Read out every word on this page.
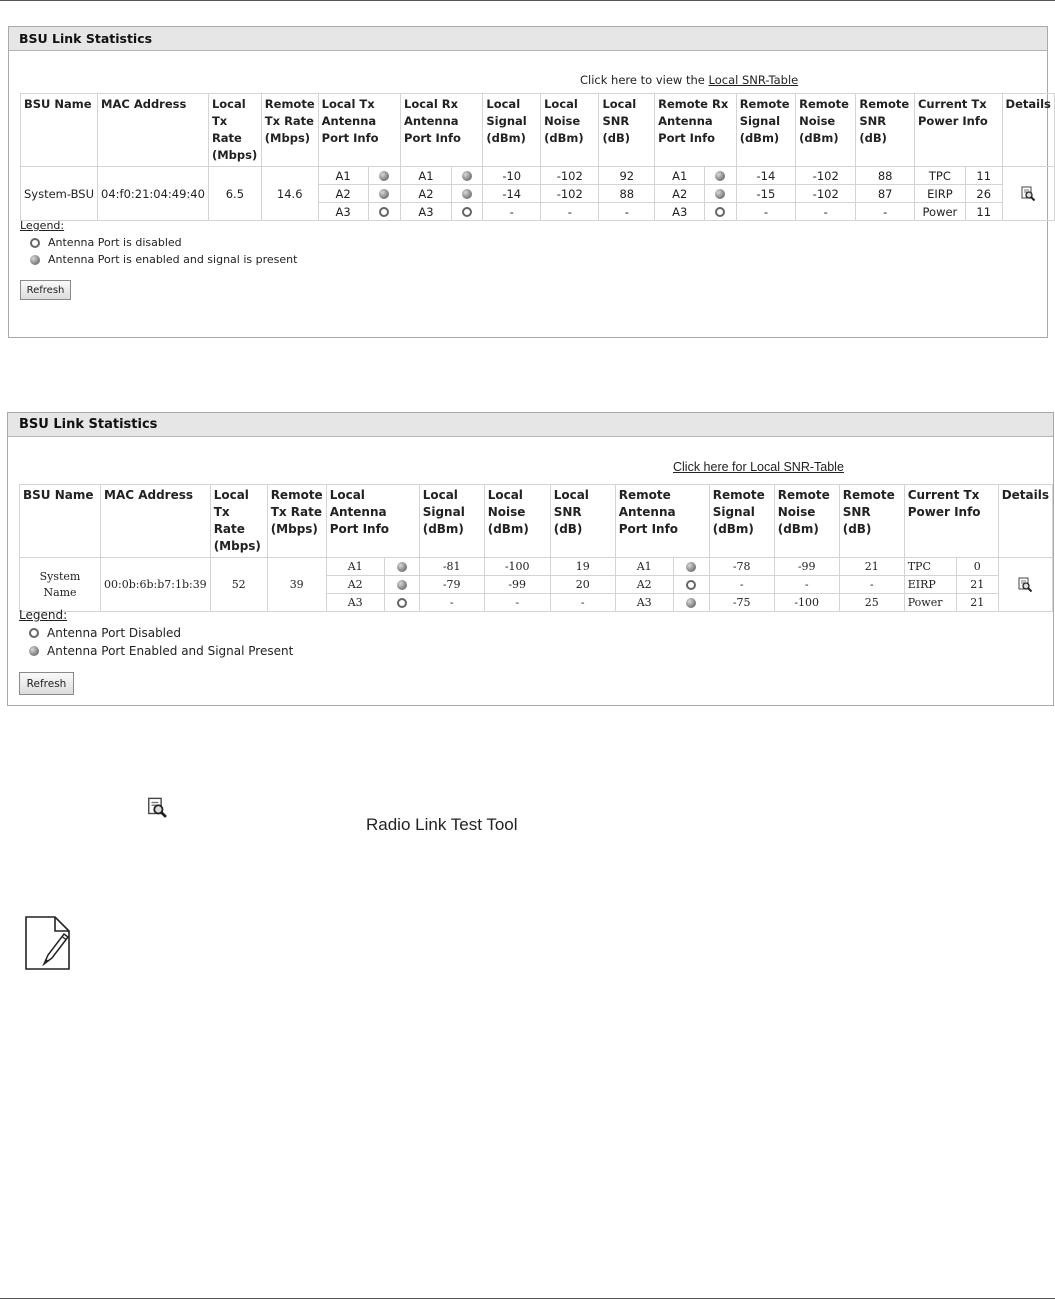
BSU Link Statistics
Click here to view the Local SNR-Table
BSU Name	MAC Address	Local Tx Rate (Mbps)	Remote Tx Rate (Mbps)	Local Tx Antenna Port Info		Local Rx Antenna Port Info		Local Signal (dBm)	Local Noise (dBm)	Local SNR (dB)	Remote Rx Antenna Port Info		Remote Signal (dBm)	Remote Noise (dBm)	Remote SNR (dB)	Current Tx Power Info		Details
System-BSU	04:f0:21:04:49:40	6.5	14.6	A1		A1		-10	-102	92	A1		-14	-102	88	TPC	11	
				A2		A2		-14	-102	88	A2		-15	-102	87	EIRP	26	
				A3		A3		-	-	-	A3		-	-	-	Power	11	
Legend:
Antenna Port is disabled
Antenna Port is enabled and signal is present
Refresh
BSU Link Statistics
Click here for Local SNR-Table
BSU Name	MAC Address	Local Tx Rate (Mbps)	Remote Tx Rate (Mbps)	Local Antenna Port Info		Local Signal (dBm)	Local Noise (dBm)	Local SNR (dB)	Remote Antenna Port Info		Remote Signal (dBm)	Remote Noise (dBm)	Remote SNR (dB)	Current Tx Power Info		Details
System Name	00:0b:6b:b7:1b:39	52	39	A1		-81	-100	19	A1		-78	-99	21	TPC	0	
				A2		-79	-99	20	A2		-	-	-	EIRP	21	
				A3		-	-	-	A3		-75	-100	25	Power	21	
Legend:
Antenna Port Disabled
Antenna Port Enabled and Signal Present
Refresh
Radio Link Test Tool
